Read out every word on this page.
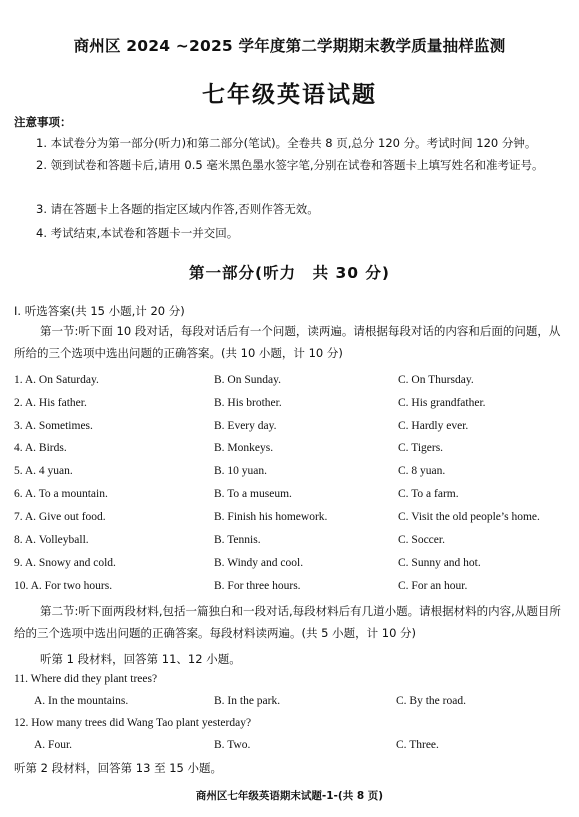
商州区 2024 ~2025 学年度第二学期期末教学质量抽样监测
七年级英语试题
注意事项：
1. 本试卷分为第一部分(听力)和第二部分(笔试)。全卷共 8 页,总分 120 分。考试时间 120 分钟。
2. 领到试卷和答题卡后,请用 0.5 毫米黑色墨水签字笔,分别在试卷和答题卡上填写姓名和准考证号。
3. 请在答题卡上各题的指定区域内作答,否则作答无效。
4. 考试结束,本试卷和答题卡一并交回。
第一部分(听力　共 30 分)
Ⅰ. 听选答案(共 15 小题,计 20 分)
第一节:听下面 10 段对话，每段对话后有一个问题，读两遍。请根据每段对话的内容和后面的问题，从所给的三个选项中选出问题的正确答案。(共 10 小题，计 10 分)
1. A. On Saturday.	B. On Sunday.	C. On Thursday.
2. A. His father.	B. His brother.	C. His grandfather.
3. A. Sometimes.	B. Every day.	C. Hardly ever.
4. A. Birds.	B. Monkeys.	C. Tigers.
5. A. 4 yuan.	B. 10 yuan.	C. 8 yuan.
6. A. To a mountain.	B. To a museum.	C. To a farm.
7. A. Give out food.	B. Finish his homework.	C. Visit the old people’s home.
8. A. Volleyball.	B. Tennis.	C. Soccer.
9. A. Snowy and cold.	B. Windy and cool.	C. Sunny and hot.
10. A. For two hours.	B. For three hours.	C. For an hour.
第二节:听下面两段材料,包括一篇独白和一段对话,每段材料后有几道小题。请根据材料的内容,从题目所给的三个选项中选出问题的正确答案。每段材料读两遍。(共 5 小题，计 10 分)
听第 1 段材料，回答第 11、12 小题。
11. Where did they plant trees?
A. In the mountains.	B. In the park.	C. By the road.
12. How many trees did Wang Tao plant yesterday?
A. Four.	B. Two.	C. Three.
听第 2 段材料，回答第 13 至 15 小题。
商州区七年级英语期末试题-1-(共 8 页)
